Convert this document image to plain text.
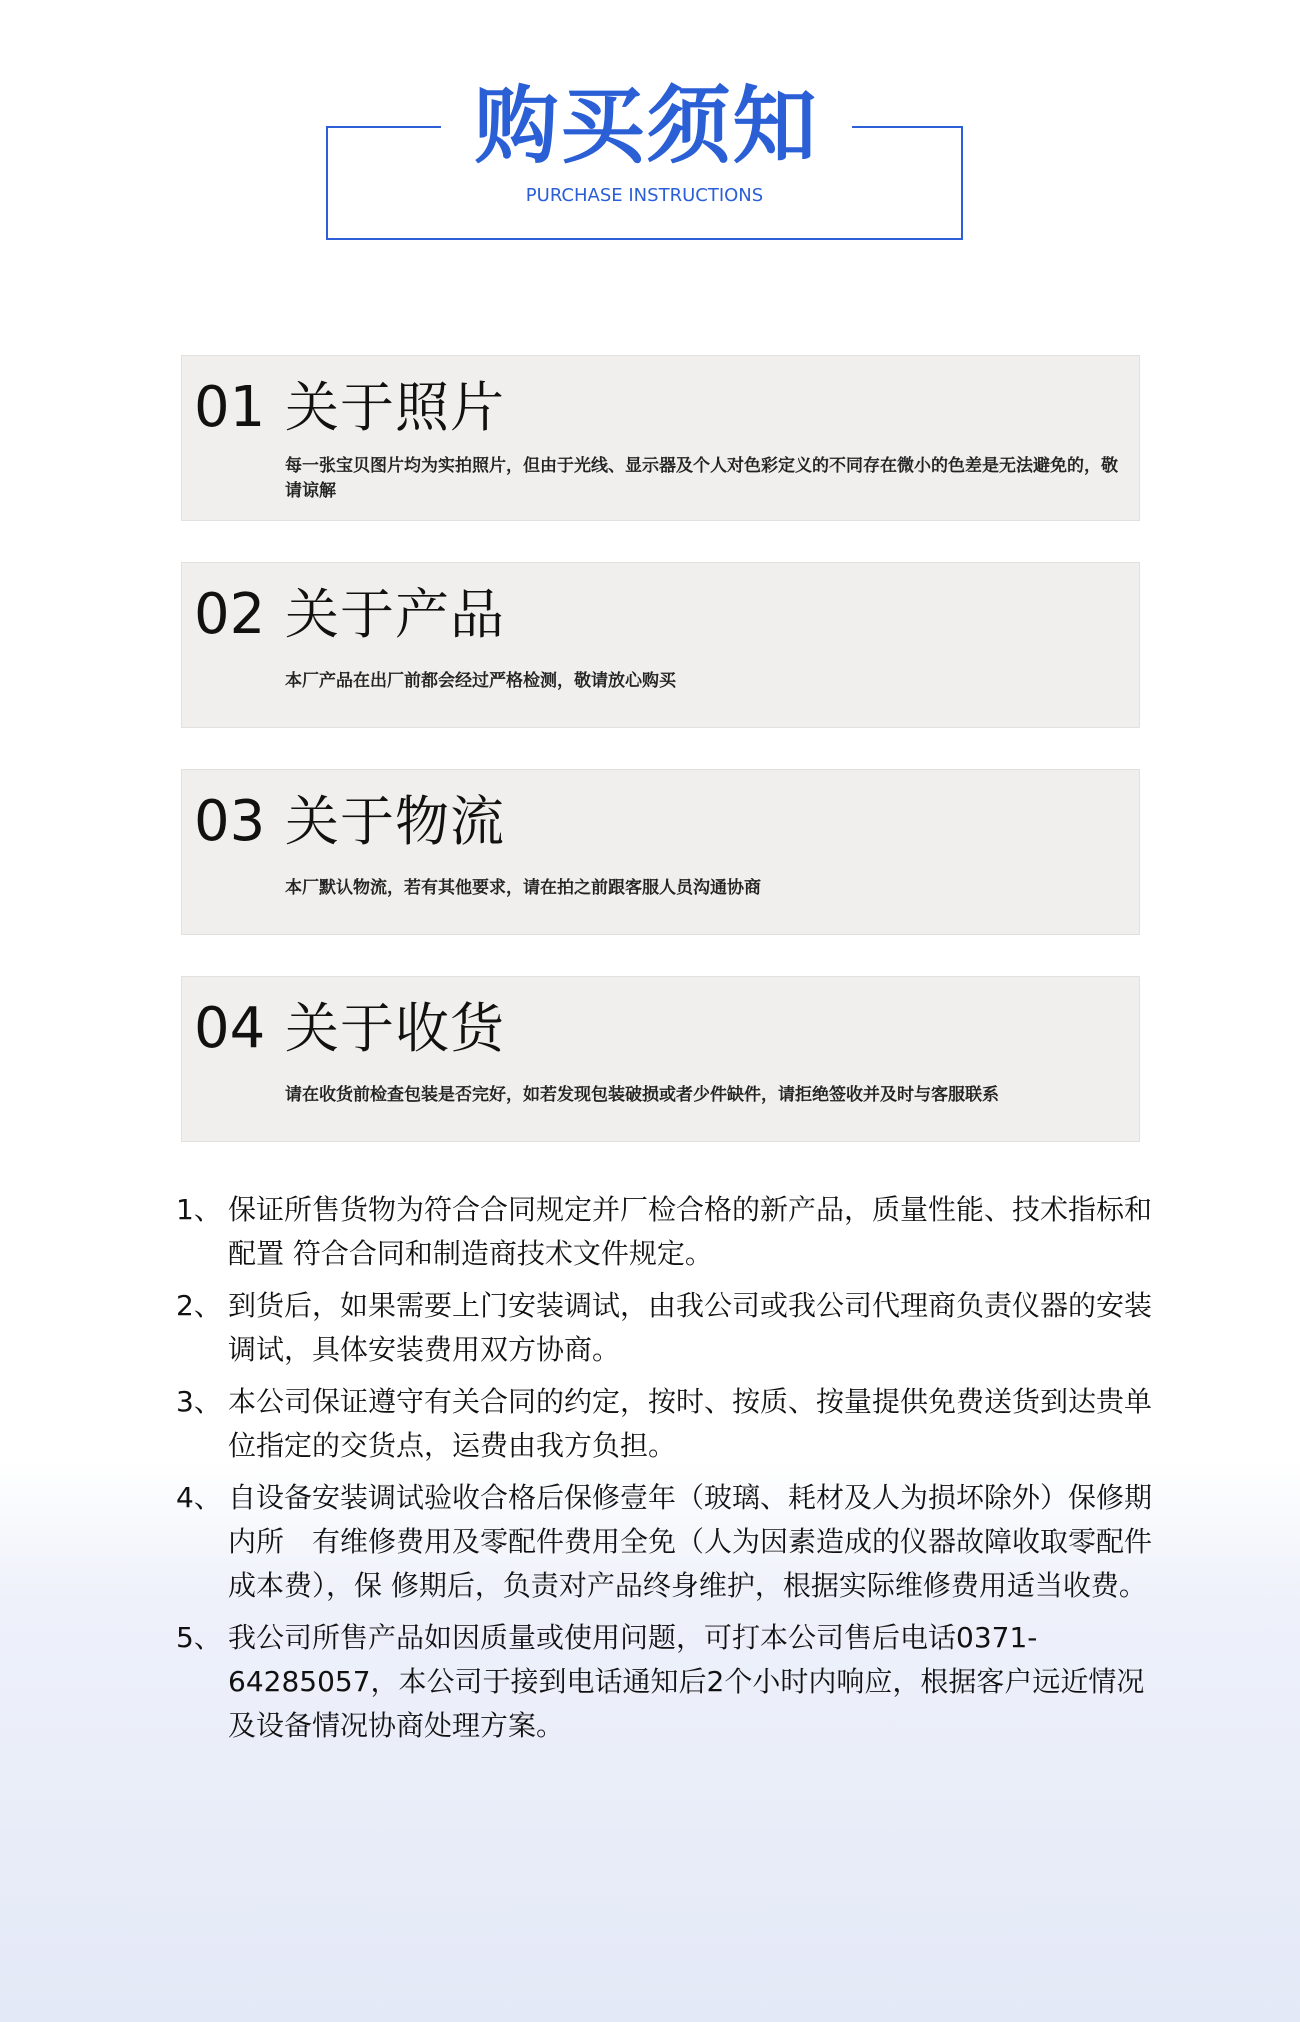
购买须知
PURCHASE INSTRUCTIONS
01 关于照片
每一张宝贝图片均为实拍照片，但由于光线、显示器及个人对色彩定义的不同存在微小的色差是无法避免的，敬请谅解
02 关于产品
本厂产品在出厂前都会经过严格检测，敬请放心购买
03 关于物流
本厂默认物流，若有其他要求，请在拍之前跟客服人员沟通协商
04 关于收货
请在收货前检查包装是否完好，如若发现包装破损或者少件缺件，请拒绝签收并及时与客服联系
1、 保证所售货物为符合合同规定并厂检合格的新产品，质量性能、技术指标和配置 符合合同和制造商技术文件规定。
2、 到货后，如果需要上门安装调试，由我公司或我公司代理商负责仪器的安装调试，具体安装费用双方协商。
3、 本公司保证遵守有关合同的约定，按时、按质、按量提供免费送货到达贵单位指定的交货点，运费由我方负担。
4、 自设备安装调试验收合格后保修壹年（玻璃、耗材及人为损坏除外）保修期内所　有维修费用及零配件费用全免（人为因素造成的仪器故障收取零配件成本费），保 修期后，负责对产品终身维护，根据实际维修费用适当收费。
5、 我公司所售产品如因质量或使用问题，可打本公司售后电话0371-64285057，本公司于接到电话通知后2个小时内响应，根据客户远近情况及设备情况协商处理方案。
